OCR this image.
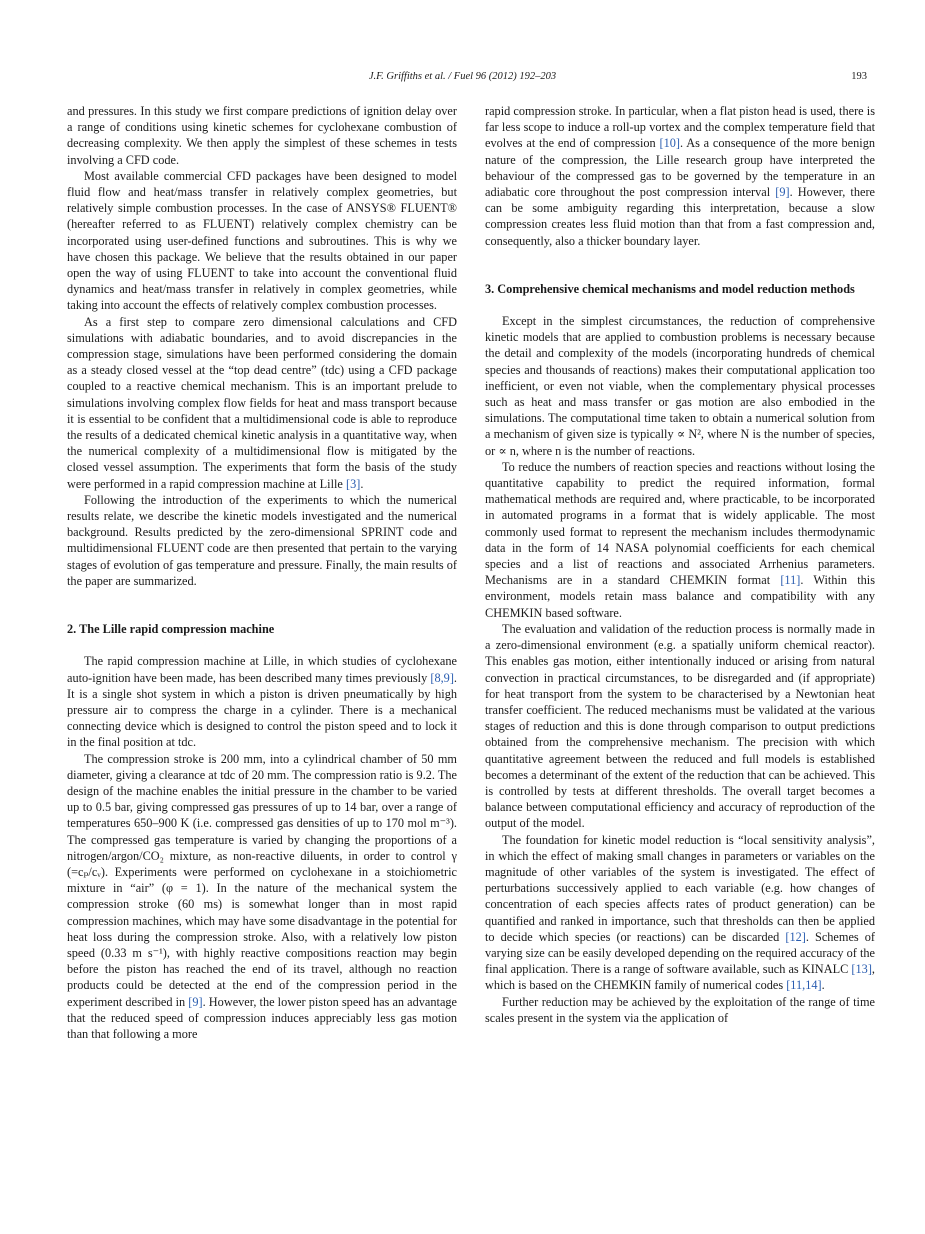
J.F. Griffiths et al. / Fuel 96 (2012) 192–203	193

and pressures. In this study we first compare predictions of ignition delay over a range of conditions using kinetic schemes for cyclohexane combustion of decreasing complexity. We then apply the simplest of these schemes in tests involving a CFD code.

Most available commercial CFD packages have been designed to model fluid flow and heat/mass transfer in relatively complex geometries, but relatively simple combustion processes. In the case of ANSYS® FLUENT® (hereafter referred to as FLUENT) relatively complex chemistry can be incorporated using user-defined functions and subroutines. This is why we have chosen this package. We believe that the results obtained in our paper open the way of using FLUENT to take into account the conventional fluid dynamics and heat/mass transfer in relatively in complex geometries, while taking into account the effects of relatively complex combustion processes.

As a first step to compare zero dimensional calculations and CFD simulations with adiabatic boundaries, and to avoid discrepancies in the compression stage, simulations have been performed considering the domain as a steady closed vessel at the “top dead centre” (tdc) using a CFD package coupled to a reactive chemical mechanism. This is an important prelude to simulations involving complex flow fields for heat and mass transport because it is essential to be confident that a multidimensional code is able to reproduce the results of a dedicated chemical kinetic analysis in a quantitative way, when the numerical complexity of a multidimensional flow is mitigated by the closed vessel assumption. The experiments that form the basis of the study were performed in a rapid compression machine at Lille [3].

Following the introduction of the experiments to which the numerical results relate, we describe the kinetic models investigated and the numerical background. Results predicted by the zero-dimensional SPRINT code and multidimensional FLUENT code are then presented that pertain to the varying stages of evolution of gas temperature and pressure. Finally, the main results of the paper are summarized.

2. The Lille rapid compression machine

The rapid compression machine at Lille, in which studies of cyclohexane auto-ignition have been made, has been described many times previously [8,9]. It is a single shot system in which a piston is driven pneumatically by high pressure air to compress the charge in a cylinder. There is a mechanical connecting device which is designed to control the piston speed and to lock it in the final position at tdc.

The compression stroke is 200 mm, into a cylindrical chamber of 50 mm diameter, giving a clearance at tdc of 20 mm. The compression ratio is 9.2. The design of the machine enables the initial pressure in the chamber to be varied up to 0.5 bar, giving compressed gas pressures of up to 14 bar, over a range of temperatures 650–900 K (i.e. compressed gas densities of up to 170 mol m⁻³). The compressed gas temperature is varied by changing the proportions of a nitrogen/argon/CO₂ mixture, as non-reactive diluents, in order to control γ (=cₚ/cᵥ). Experiments were performed on cyclohexane in a stoichiometric mixture in “air” (φ = 1). In the nature of the mechanical system the compression stroke (60 ms) is somewhat longer than in most rapid compression machines, which may have some disadvantage in the potential for heat loss during the compression stroke. Also, with a relatively low piston speed (0.33 m s⁻¹), with highly reactive compositions reaction may begin before the piston has reached the end of its travel, although no reaction products could be detected at the end of the compression period in the experiment described in [9]. However, the lower piston speed has an advantage that the reduced speed of compression induces appreciably less gas motion than that following a more

rapid compression stroke. In particular, when a flat piston head is used, there is far less scope to induce a roll-up vortex and the complex temperature field that evolves at the end of compression [10]. As a consequence of the more benign nature of the compression, the Lille research group have interpreted the behaviour of the compressed gas to be governed by the temperature in an adiabatic core throughout the post compression interval [9]. However, there can be some ambiguity regarding this interpretation, because a slow compression creates less fluid motion than that from a fast compression and, consequently, also a thicker boundary layer.

3. Comprehensive chemical mechanisms and model reduction methods

Except in the simplest circumstances, the reduction of comprehensive kinetic models that are applied to combustion problems is necessary because the detail and complexity of the models (incorporating hundreds of chemical species and thousands of reactions) makes their computational application too inefficient, or even not viable, when the complementary physical processes such as heat and mass transfer or gas motion are also embodied in the simulations. The computational time taken to obtain a numerical solution from a mechanism of given size is typically ∝ N², where N is the number of species, or ∝ n, where n is the number of reactions.

To reduce the numbers of reaction species and reactions without losing the quantitative capability to predict the required information, formal mathematical methods are required and, where practicable, to be incorporated in automated programs in a format that is widely applicable. The most commonly used format to represent the mechanism includes thermodynamic data in the form of 14 NASA polynomial coefficients for each chemical species and a list of reactions and associated Arrhenius parameters. Mechanisms are in a standard CHEMKIN format [11]. Within this environment, models retain mass balance and compatibility with any CHEMKIN based software.

The evaluation and validation of the reduction process is normally made in a zero-dimensional environment (e.g. a spatially uniform chemical reactor). This enables gas motion, either intentionally induced or arising from natural convection in practical circumstances, to be disregarded and (if appropriate) for heat transport from the system to be characterised by a Newtonian heat transfer coefficient. The reduced mechanisms must be validated at the various stages of reduction and this is done through comparison to output predictions obtained from the comprehensive mechanism. The precision with which quantitative agreement between the reduced and full models is established becomes a determinant of the extent of the reduction that can be achieved. This is controlled by tests at different thresholds. The overall target becomes a balance between computational efficiency and accuracy of reproduction of the output of the model.

The foundation for kinetic model reduction is “local sensitivity analysis”, in which the effect of making small changes in parameters or variables on the magnitude of other variables of the system is investigated. The effect of perturbations successively applied to each variable (e.g. how changes of concentration of each species affects rates of product generation) can be quantified and ranked in importance, such that thresholds can then be applied to decide which species (or reactions) can be discarded [12]. Schemes of varying size can be easily developed depending on the required accuracy of the final application. There is a range of software available, such as KINALC [13], which is based on the CHEMKIN family of numerical codes [11,14].

Further reduction may be achieved by the exploitation of the range of time scales present in the system via the application of
